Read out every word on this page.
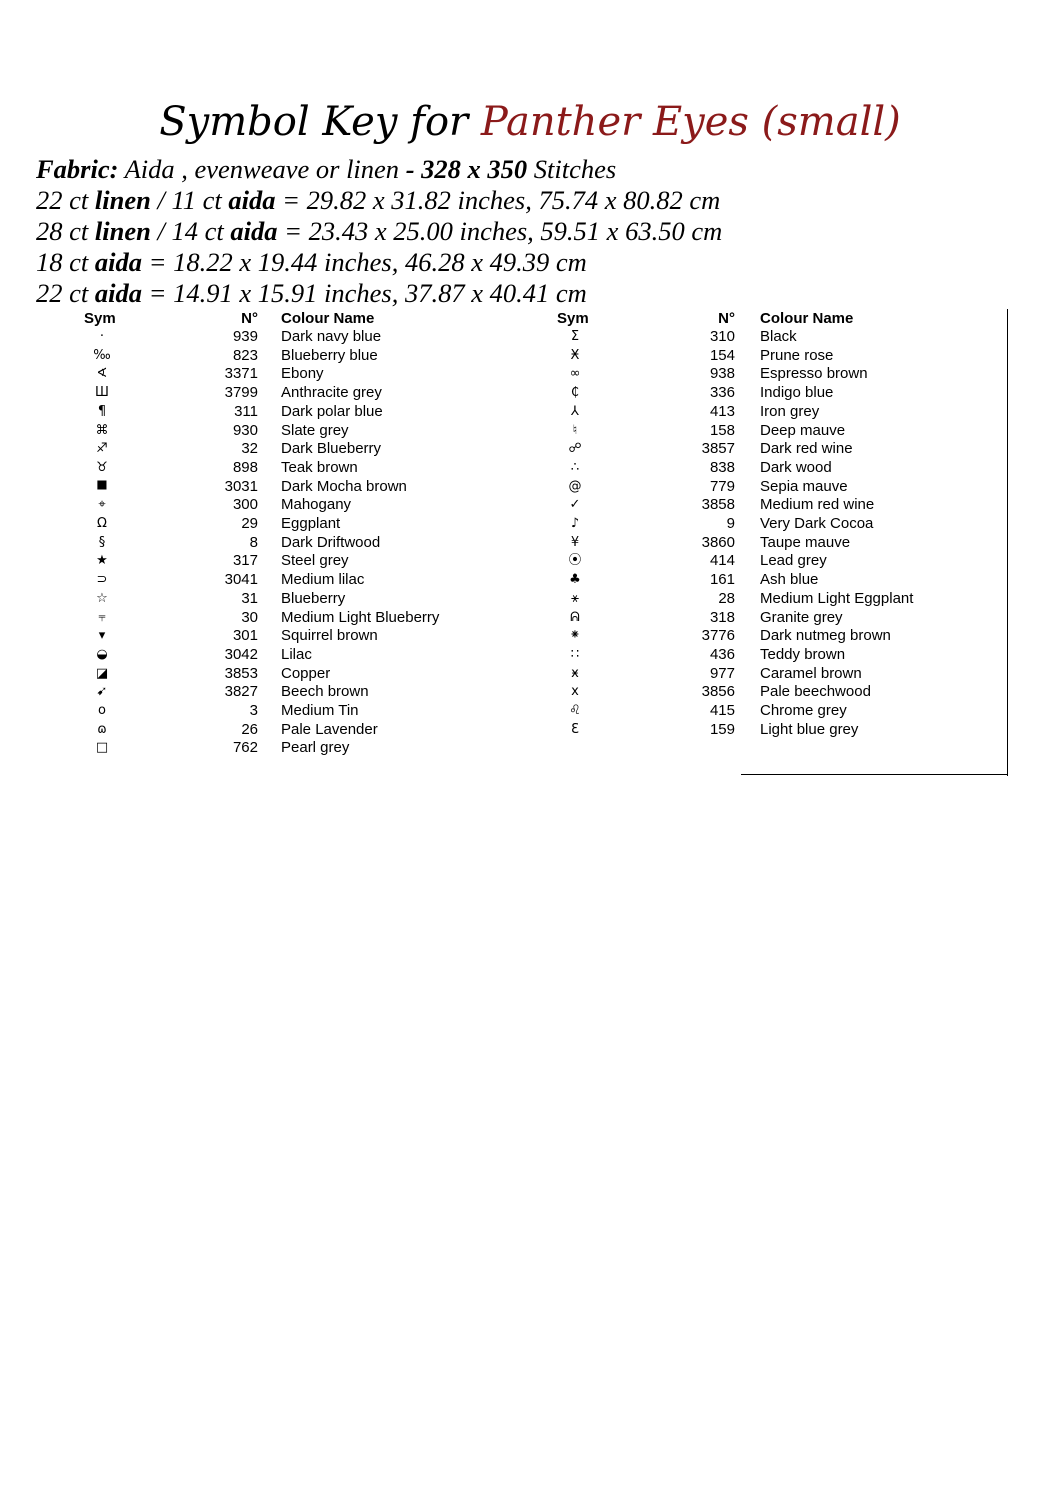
Symbol Key for Panther Eyes (small)
Fabric: Aida , evenweave or linen - 328 x 350 Stitches
22 ct linen / 11 ct aida = 29.82 x 31.82 inches, 75.74 x 80.82 cm
28 ct linen / 14 ct aida = 23.43 x 25.00 inches, 59.51 x 63.50 cm
18 ct aida = 18.22 x 19.44 inches, 46.28 x 49.39 cm
22 ct aida = 14.91 x 15.91 inches, 37.87 x 40.41 cm
Sym	N° Colour Name	Sym	N° Colour Name
·	939 Dark navy blue
‰	823 Blueberry blue
∢	3371 Ebony
Ш	3799 Anthracite grey
¶	311 Dark polar blue
⌘	930 Slate grey
♐	32 Dark Blueberry
♉	898 Teak brown
⯀	3031 Dark Mocha brown
⌖	300 Mahogany
Ω	29 Eggplant
§	8 Dark Driftwood
★	317 Steel grey
⊃	3041 Medium lilac
☆	31 Blueberry
⫧	30 Medium Light Blueberry
▾	301 Squirrel brown
◒	3042 Lilac
◪	3853 Copper
➹	3827 Beech brown
o	3 Medium Tin
ɷ	26 Pale Lavender
□	762 Pearl grey
Σ	310 Black
Ӿ	154 Prune rose
∞	938 Espresso brown
₵	336 Indigo blue
⅄	413 Iron grey
♮	158 Deep mauve
☍	3857 Dark red wine
∴	838 Dark wood
@	779 Sepia mauve
✓	3858 Medium red wine
♪	9 Very Dark Cocoa
¥	3860 Taupe mauve
⦿	414 Lead grey
♣	161 Ash blue
⚹	28 Medium Light Eggplant
ᕱ	318 Granite grey
⁕	3776 Dark nutmeg brown
∷	436 Teddy brown
ӿ	977 Caramel brown
x	3856 Pale beechwood
♌	415 Chrome grey
Ɛ	159 Light blue grey
